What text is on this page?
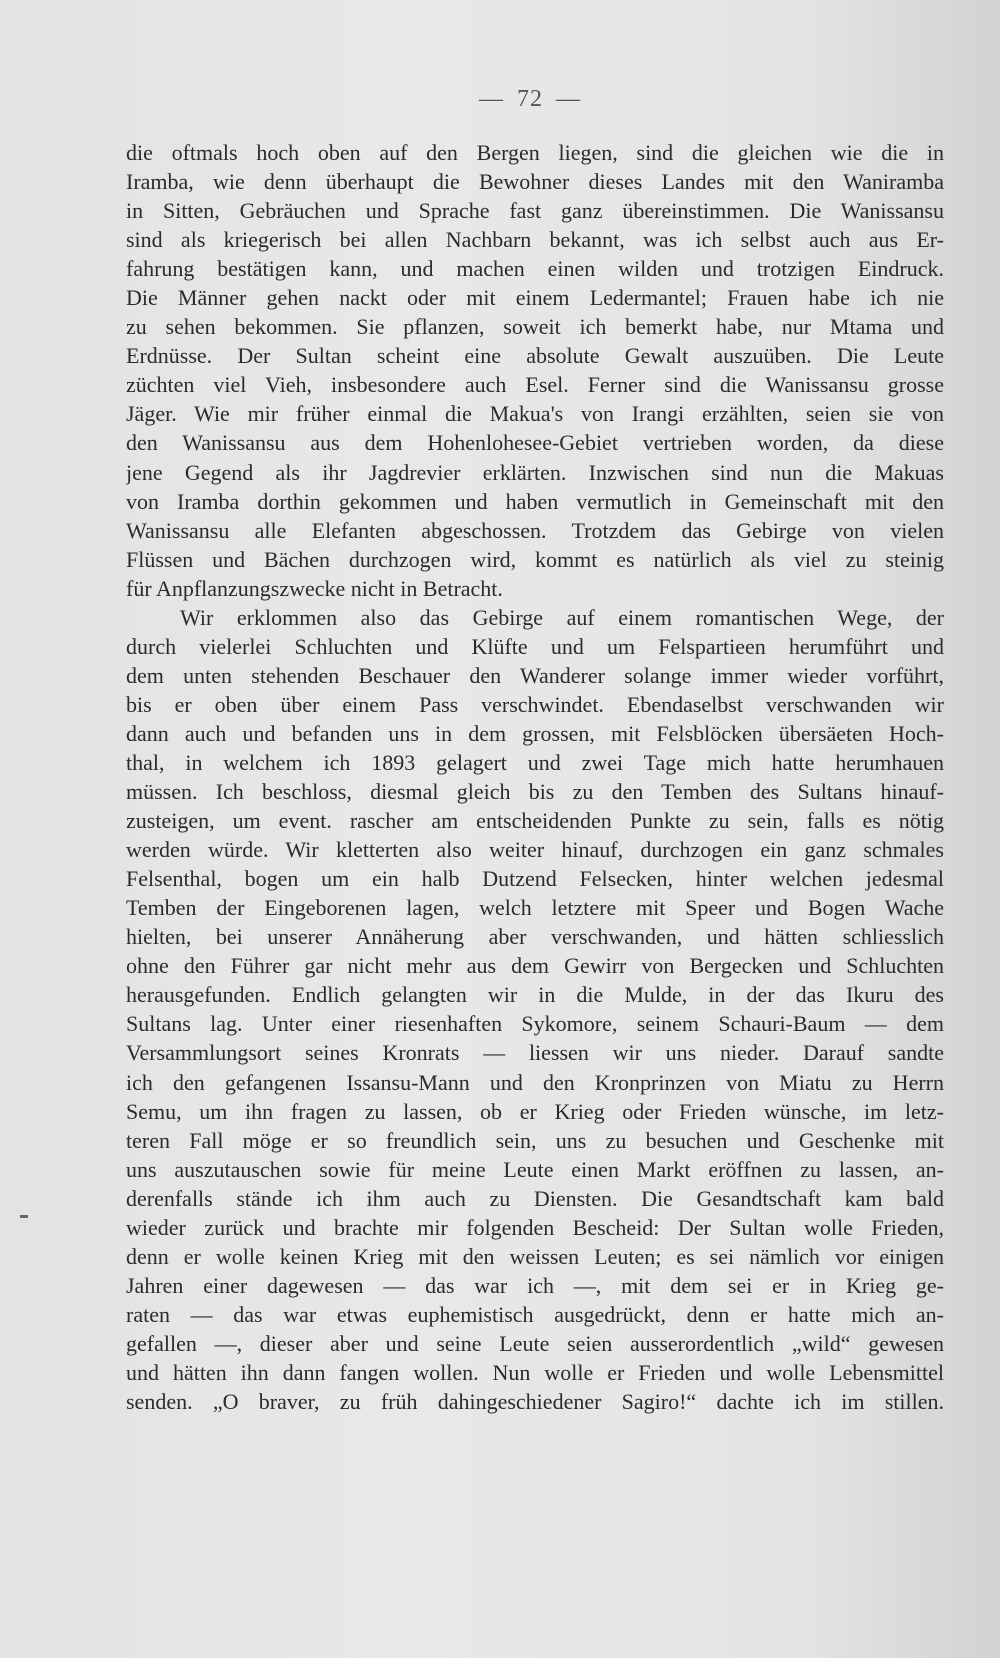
— 72 —
die oftmals hoch oben auf den Bergen liegen, sind die gleichen wie die in
Iramba, wie denn überhaupt die Bewohner dieses Landes mit den Waniramba
in Sitten, Gebräuchen und Sprache fast ganz übereinstimmen. Die Wanissansu
sind als kriegerisch bei allen Nachbarn bekannt, was ich selbst auch aus Er-
fahrung bestätigen kann, und machen einen wilden und trotzigen Eindruck.
Die Männer gehen nackt oder mit einem Ledermantel; Frauen habe ich nie
zu sehen bekommen. Sie pflanzen, soweit ich bemerkt habe, nur Mtama und
Erdnüsse. Der Sultan scheint eine absolute Gewalt auszuüben. Die Leute
züchten viel Vieh, insbesondere auch Esel. Ferner sind die Wanissansu grosse
Jäger. Wie mir früher einmal die Makua's von Irangi erzählten, seien sie von
den Wanissansu aus dem Hohenlohesee-Gebiet vertrieben worden, da diese
jene Gegend als ihr Jagdrevier erklärten. Inzwischen sind nun die Makuas
von Iramba dorthin gekommen und haben vermutlich in Gemeinschaft mit den
Wanissansu alle Elefanten abgeschossen. Trotzdem das Gebirge von vielen
Flüssen und Bächen durchzogen wird, kommt es natürlich als viel zu steinig
für Anpflanzungszwecke nicht in Betracht.
Wir erklommen also das Gebirge auf einem romantischen Wege, der
durch vielerlei Schluchten und Klüfte und um Felspartieen herumführt und
dem unten stehenden Beschauer den Wanderer solange immer wieder vorführt,
bis er oben über einem Pass verschwindet. Ebendaselbst verschwanden wir
dann auch und befanden uns in dem grossen, mit Felsblöcken übersäeten Hoch-
thal, in welchem ich 1893 gelagert und zwei Tage mich hatte herumhauen
müssen. Ich beschloss, diesmal gleich bis zu den Temben des Sultans hinauf-
zusteigen, um event. rascher am entscheidenden Punkte zu sein, falls es nötig
werden würde. Wir kletterten also weiter hinauf, durchzogen ein ganz schmales
Felsenthal, bogen um ein halb Dutzend Felsecken, hinter welchen jedesmal
Temben der Eingeborenen lagen, welch letztere mit Speer und Bogen Wache
hielten, bei unserer Annäherung aber verschwanden, und hätten schliesslich
ohne den Führer gar nicht mehr aus dem Gewirr von Bergecken und Schluchten
herausgefunden. Endlich gelangten wir in die Mulde, in der das Ikuru des
Sultans lag. Unter einer riesenhaften Sykomore, seinem Schauri-Baum — dem
Versammlungsort seines Kronrats — liessen wir uns nieder. Darauf sandte
ich den gefangenen Issansu-Mann und den Kronprinzen von Miatu zu Herrn
Semu, um ihn fragen zu lassen, ob er Krieg oder Frieden wünsche, im letz-
teren Fall möge er so freundlich sein, uns zu besuchen und Geschenke mit
uns auszutauschen sowie für meine Leute einen Markt eröffnen zu lassen, an-
derenfalls stände ich ihm auch zu Diensten. Die Gesandtschaft kam bald
wieder zurück und brachte mir folgenden Bescheid: Der Sultan wolle Frieden,
denn er wolle keinen Krieg mit den weissen Leuten; es sei nämlich vor einigen
Jahren einer dagewesen — das war ich —, mit dem sei er in Krieg ge-
raten — das war etwas euphemistisch ausgedrückt, denn er hatte mich an-
gefallen —, dieser aber und seine Leute seien ausserordentlich „wild“ gewesen
und hätten ihn dann fangen wollen. Nun wolle er Frieden und wolle Lebensmittel
senden. „O braver, zu früh dahingeschiedener Sagiro!“ dachte ich im stillen.
